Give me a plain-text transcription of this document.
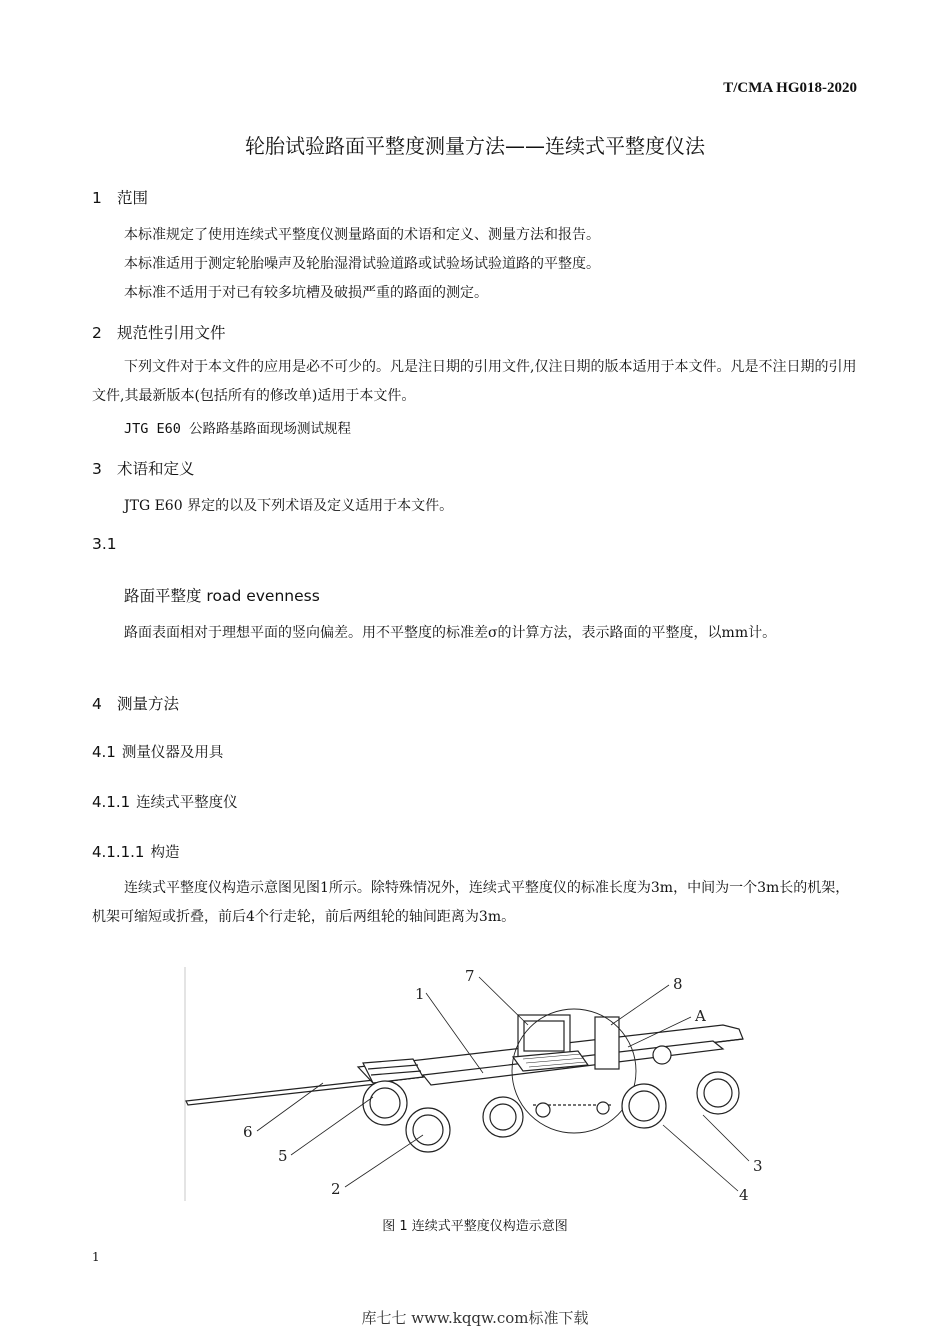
T/CMA HG018-2020
轮胎试验路面平整度测量方法——连续式平整度仪法
1 范围
本标准规定了使用连续式平整度仪测量路面的术语和定义、测量方法和报告。
本标准适用于测定轮胎噪声及轮胎湿滑试验道路或试验场试验道路的平整度。
本标准不适用于对已有较多坑槽及破损严重的路面的测定。
2 规范性引用文件
下列文件对于本文件的应用是必不可少的。凡是注日期的引用文件,仅注日期的版本适用于本文件。凡是不注日期的引用文件,其最新版本(包括所有的修改单)适用于本文件。
JTG E60 公路路基路面现场测试规程
3 术语和定义
JTG E60 界定的以及下列术语及定义适用于本文件。
3.1
路面平整度 road evenness
路面表面相对于理想平面的竖向偏差。用不平整度的标准差σ的计算方法，表示路面的平整度，以mm计。
4 测量方法
4.1 测量仪器及用具
4.1.1 连续式平整度仪
4.1.1.1 构造
连续式平整度仪构造示意图见图1所示。除特殊情况外，连续式平整度仪的标准长度为3m，中间为一个3m长的机架，机架可缩短或折叠，前后4个行走轮，前后两组轮的轴间距离为3m。
1
7	8
A
6
5
2
3
4
图 1 连续式平整度仪构造示意图
1
库七七 www.kqqw.com标准下载
